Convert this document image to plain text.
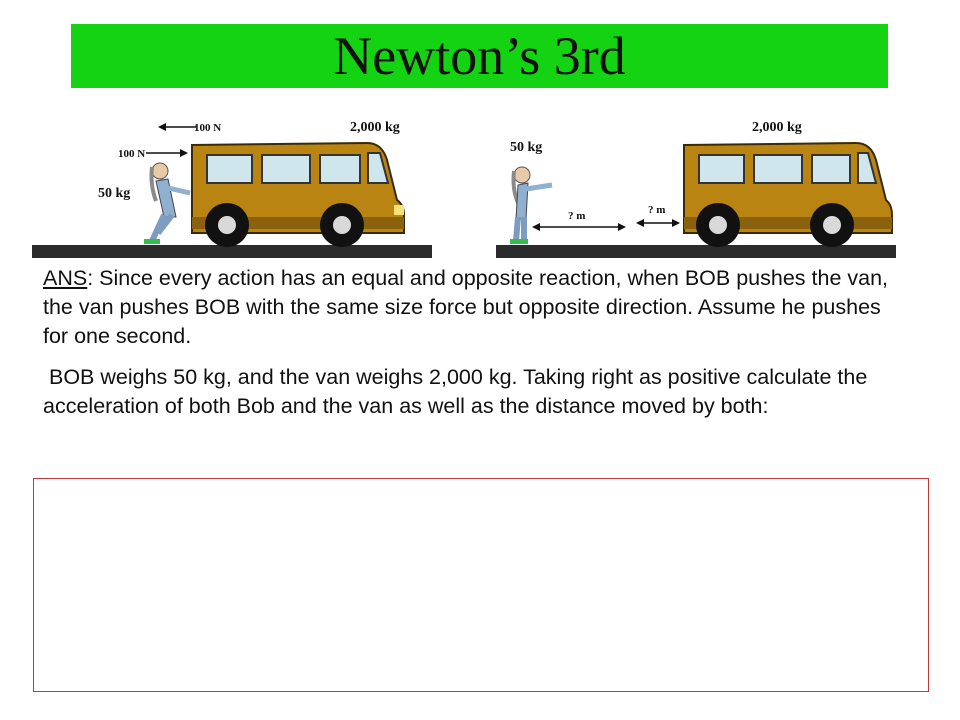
Newton’s 3rd
100 N
100 N
50 kg
2,000 kg
? m	? m
50 kg
2,000 kg

ANS: Since every action has an equal and opposite reaction, when BOB pushes the van, the van pushes BOB with the same size force but opposite direction. Assume he pushes for one second.

BOB weighs 50 kg, and the van weighs 2,000 kg. Taking right as positive calculate the acceleration of both Bob and the van as well as the distance moved by both:
